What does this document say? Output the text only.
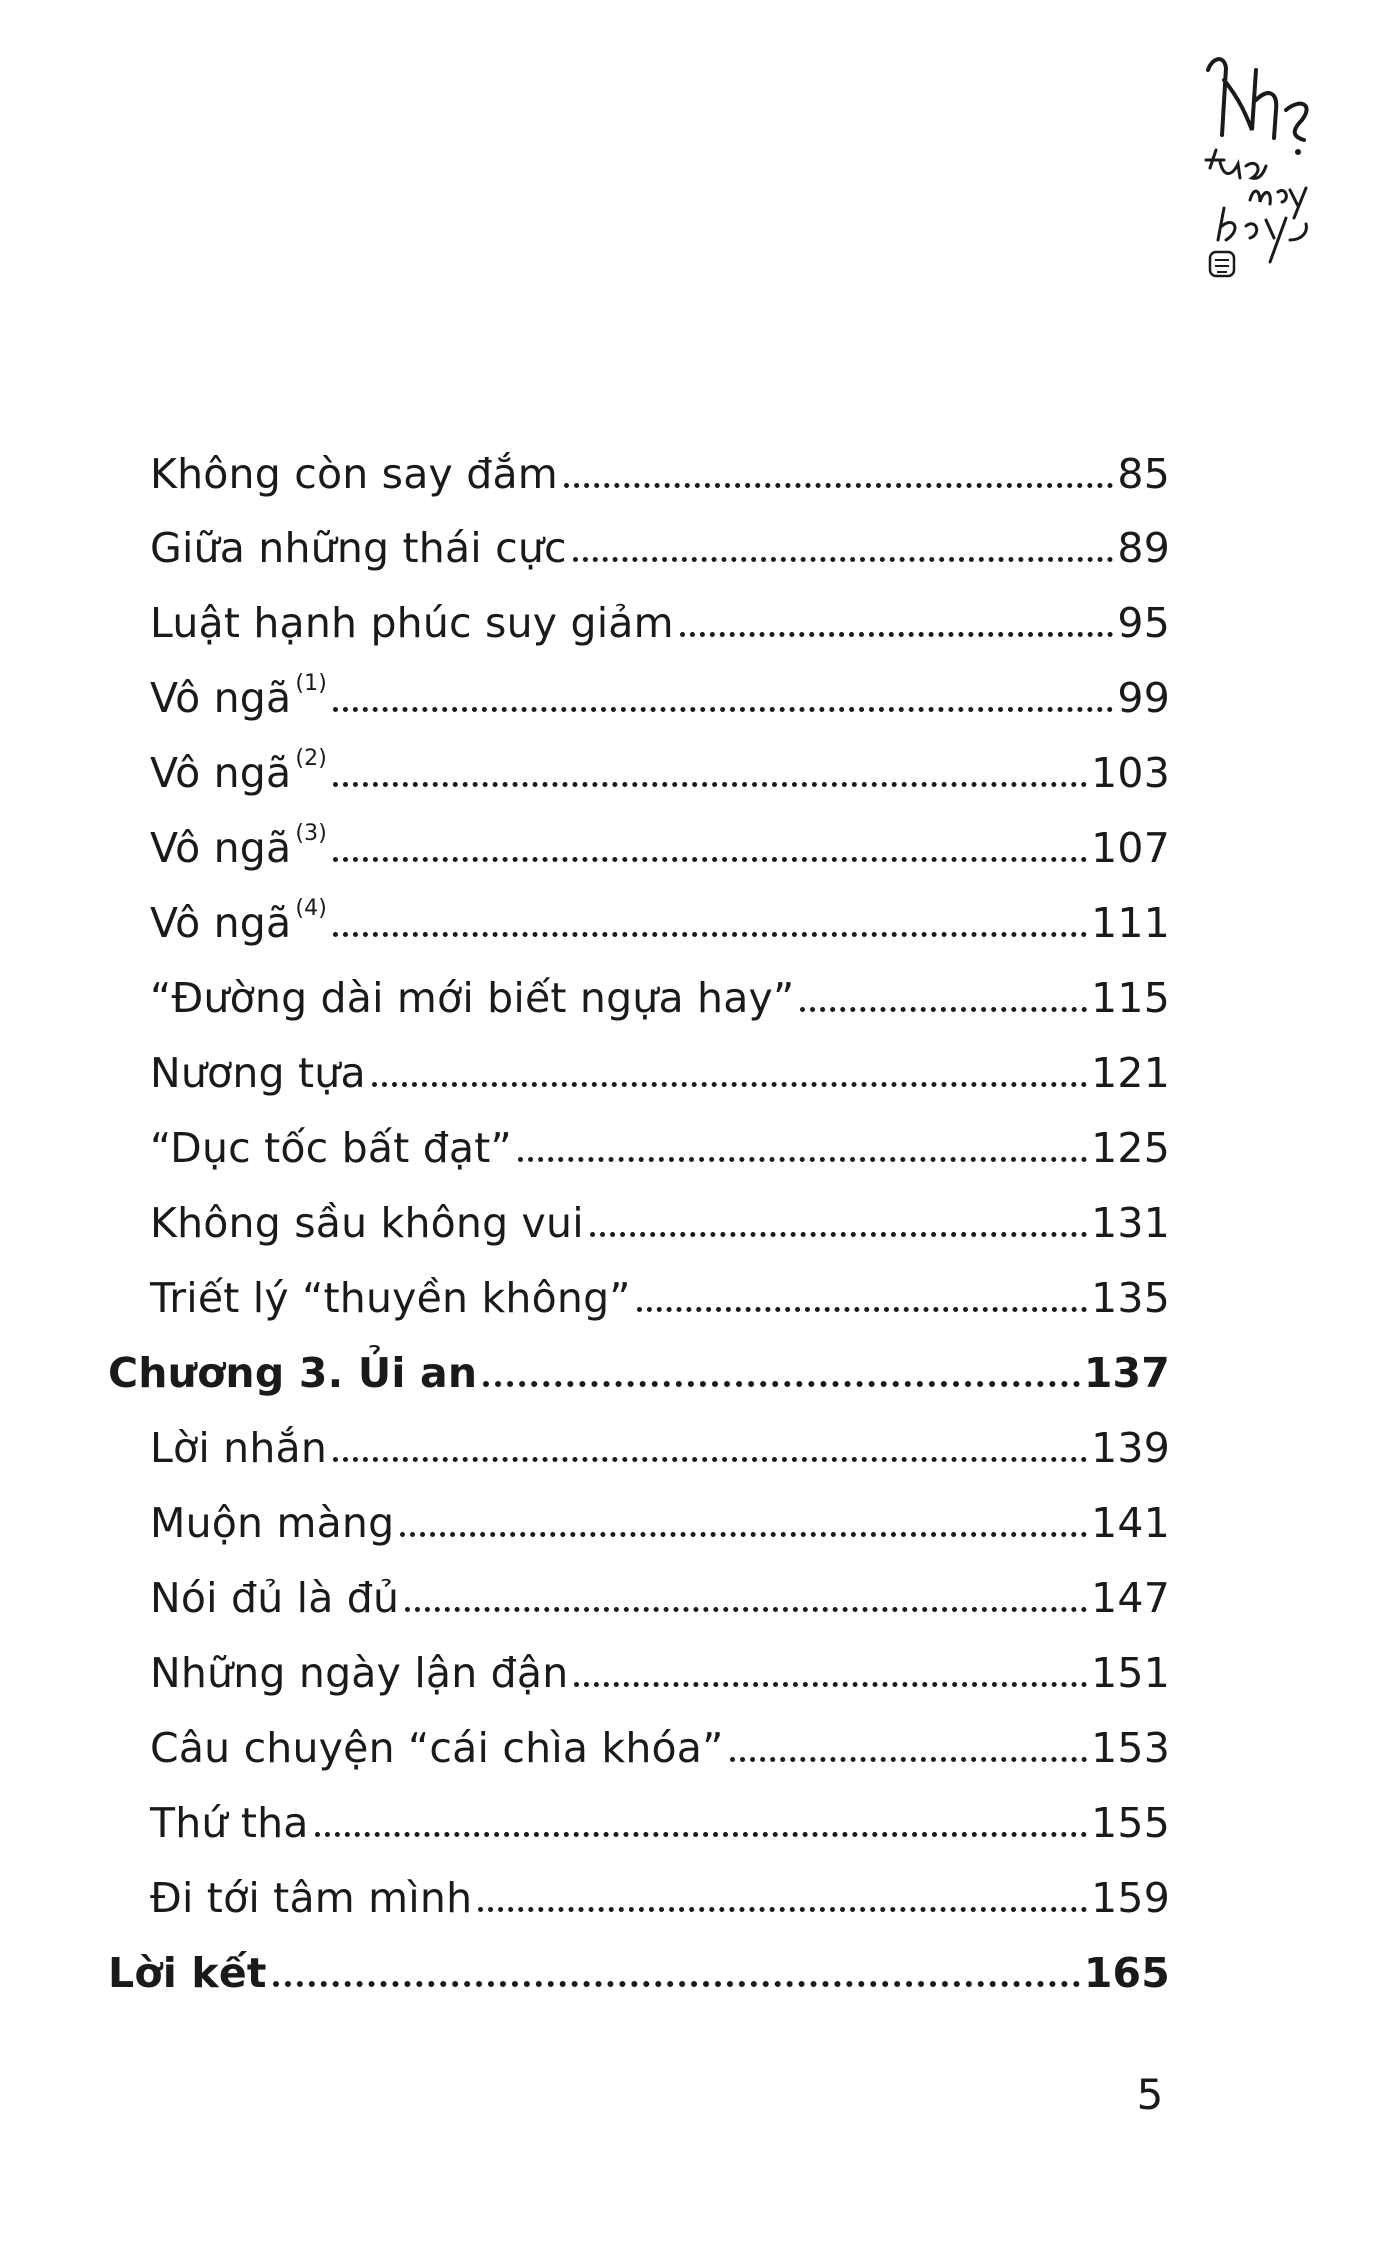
Không còn say đắm	85
Giữa những thái cực	89
Luật hạnh phúc suy giảm	95
Vô ngã $^{(1)}$	99
Vô ngã $^{(2)}$	103
Vô ngã $^{(3)}$	107
Vô ngã $^{(4)}$	111
“Đường dài mới biết ngựa hay”	115
Nương tựa	121
“Dục tốc bất đạt”	125
Không sầu không vui	131
Triết lý “thuyền không”	135
Chương 3. Ủi an	137
Lời nhắn	139
Muộn màng	141
Nói đủ là đủ	147
Những ngày lận đận	151
Câu chuyện “cái chìa khóa”	153
Thứ tha	155
Đi tới tâm mình	159
Lời kết	165
5
